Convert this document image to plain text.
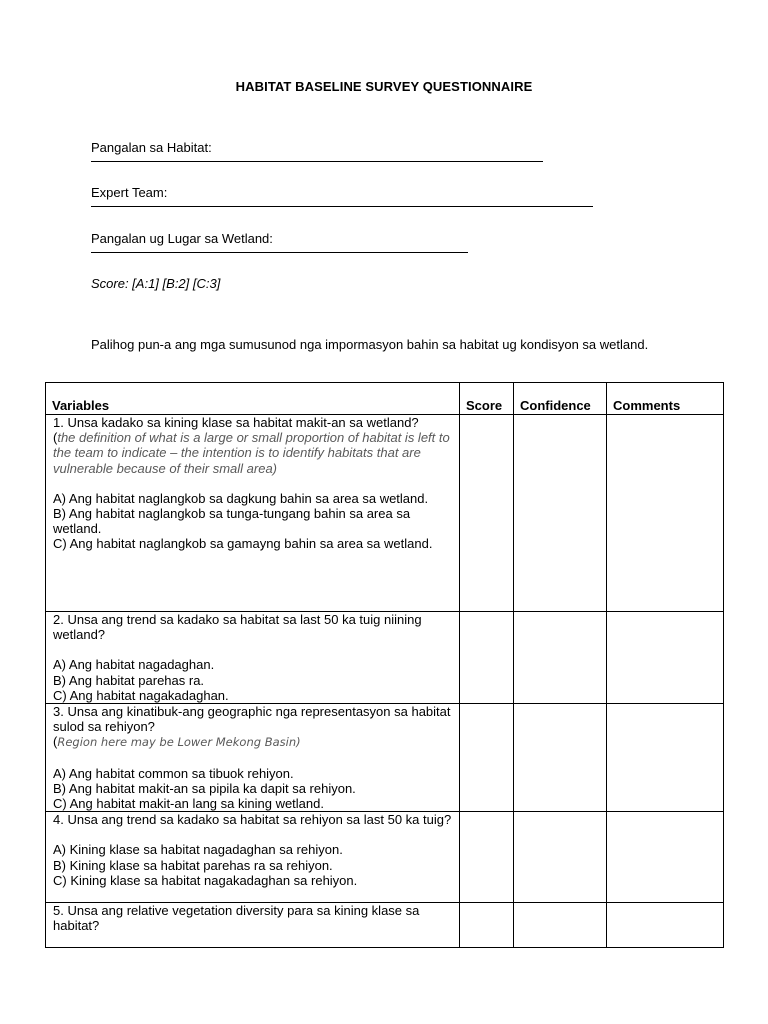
HABITAT BASELINE SURVEY QUESTIONNAIRE
Pangalan sa Habitat:
Expert Team:
Pangalan ug Lugar sa Wetland:
Score: [A:1] [B:2] [C:3]
Palihog pun-a ang mga sumusunod nga impormasyon bahin sa habitat ug kondisyon sa wetland.
Variables	Score	Confidence	Comments

1. Unsa kadako sa kining klase sa habitat makit-an sa wetland?
(the definition of what is a large or small proportion of habitat is left to the team to indicate – the intention is to identify habitats that are vulnerable because of their small area)
A) Ang habitat naglangkob sa dagkung bahin sa area sa wetland.
B) Ang habitat naglangkob sa tunga-tungang bahin sa area sa wetland.
C) Ang habitat naglangkob sa gamayng bahin sa area sa wetland.			

2. Unsa ang trend sa kadako sa habitat sa last 50 ka tuig niining wetland?
A) Ang habitat nagadaghan.
B) Ang habitat parehas ra.
C) Ang habitat nagakadaghan.			

3. Unsa ang kinatibuk-ang geographic nga representasyon sa habitat sulod sa rehiyon?
(Region here may be Lower Mekong Basin)
A) Ang habitat common sa tibuok rehiyon.
B) Ang habitat makit-an sa pipila ka dapit sa rehiyon.
C) Ang habitat makit-an lang sa kining wetland.			

4. Unsa ang trend sa kadako sa habitat sa rehiyon sa last 50 ka tuig?
A) Kining klase sa habitat nagadaghan sa rehiyon.
B) Kining klase sa habitat parehas ra sa rehiyon.
C) Kining klase sa habitat nagakadaghan sa rehiyon.			

5. Unsa ang relative vegetation diversity para sa kining klase sa habitat?			
